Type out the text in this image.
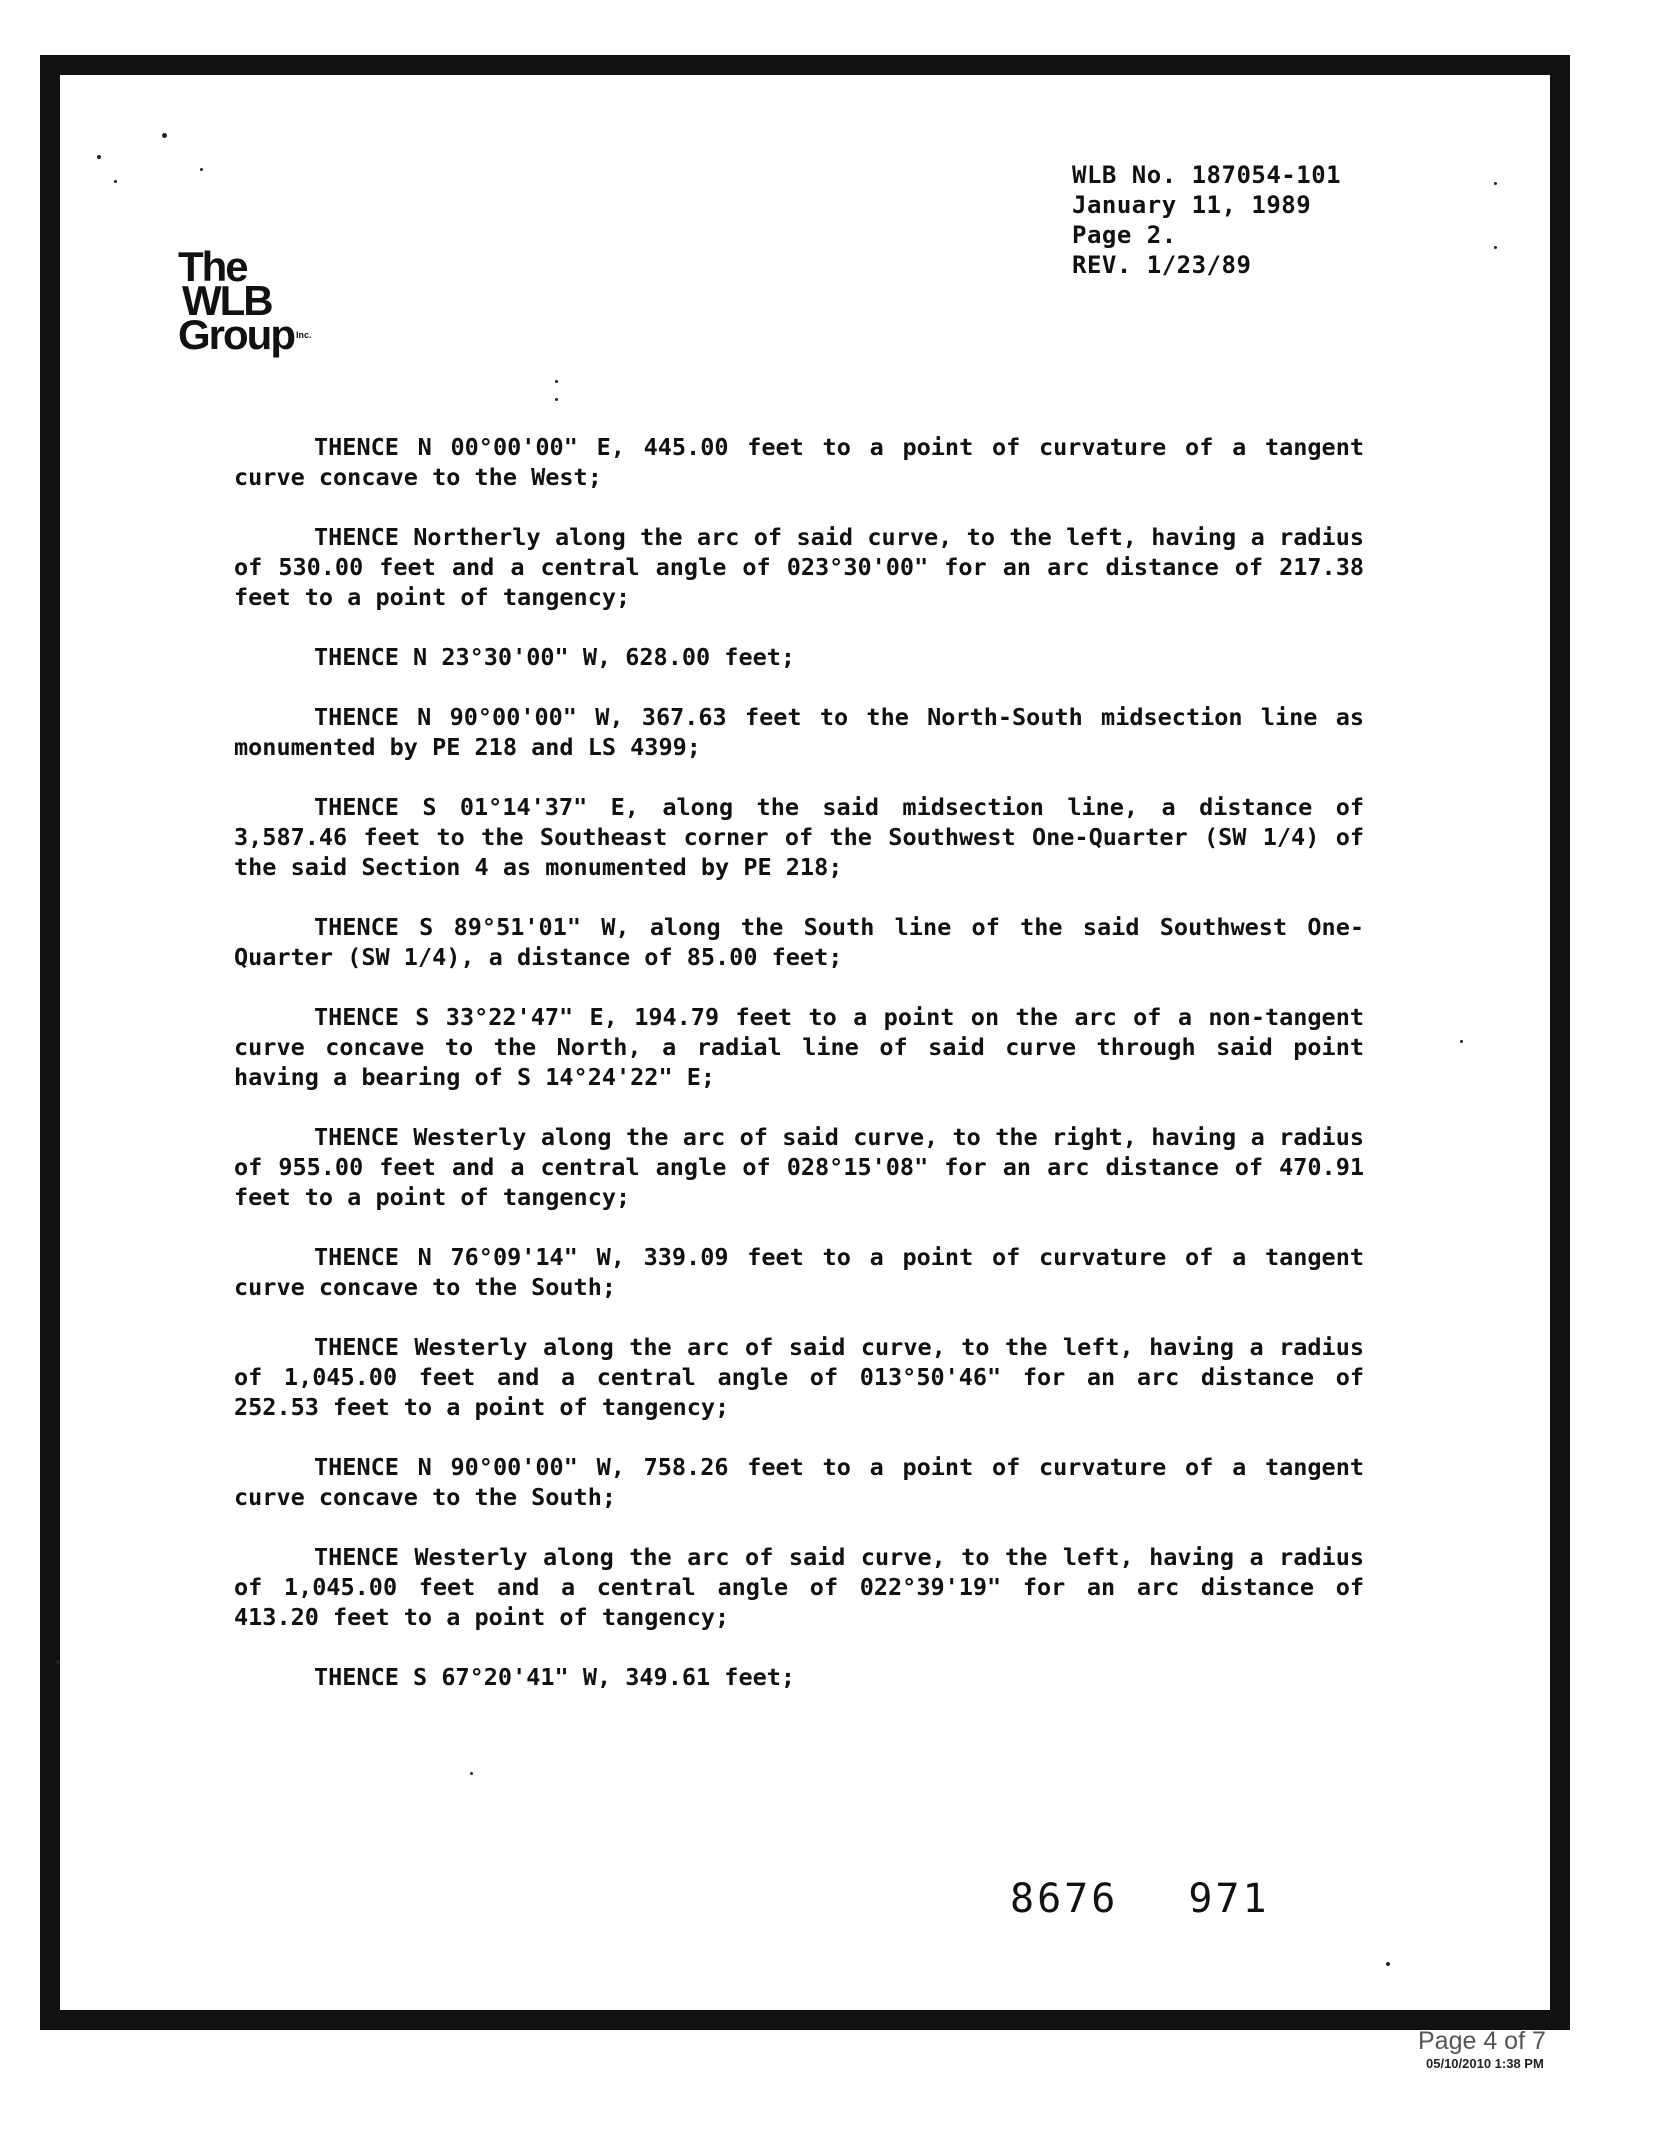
WLB No. 187054-101
January 11, 1989
Page 2.
REV. 1/23/89
The
WLB
Group Inc.

THENCE N 00°00'00" E, 445.00 feet to a point of curvature of a tangent curve concave to the West;

THENCE Northerly along the arc of said curve, to the left, having a radius of 530.00 feet and a central angle of 023°30'00" for an arc distance of 217.38 feet to a point of tangency;

THENCE N 23°30'00" W, 628.00 feet;

THENCE N 90°00'00" W, 367.63 feet to the North-South midsection line as monumented by PE 218 and LS 4399;

THENCE S 01°14'37" E, along the said midsection line, a distance of 3,587.46 feet to the Southeast corner of the Southwest One-Quarter (SW 1/4) of the said Section 4 as monumented by PE 218;

THENCE S 89°51'01" W, along the South line of the said Southwest One-Quarter (SW 1/4), a distance of 85.00 feet;

THENCE S 33°22'47" E, 194.79 feet to a point on the arc of a non-tangent curve concave to the North, a radial line of said curve through said point having a bearing of S 14°24'22" E;

THENCE Westerly along the arc of said curve, to the right, having a radius of 955.00 feet and a central angle of 028°15'08" for an arc distance of 470.91 feet to a point of tangency;

THENCE N 76°09'14" W, 339.09 feet to a point of curvature of a tangent curve concave to the South;

THENCE Westerly along the arc of said curve, to the left, having a radius of 1,045.00 feet and a central angle of 013°50'46" for an arc distance of 252.53 feet to a point of tangency;

THENCE N 90°00'00" W, 758.26 feet to a point of curvature of a tangent curve concave to the South;

THENCE Westerly along the arc of said curve, to the left, having a radius of 1,045.00 feet and a central angle of 022°39'19" for an arc distance of 413.20 feet to a point of tangency;

THENCE S 67°20'41" W, 349.61 feet;

8676 971
Page 4 of 7
05/10/2010 1:38 PM
